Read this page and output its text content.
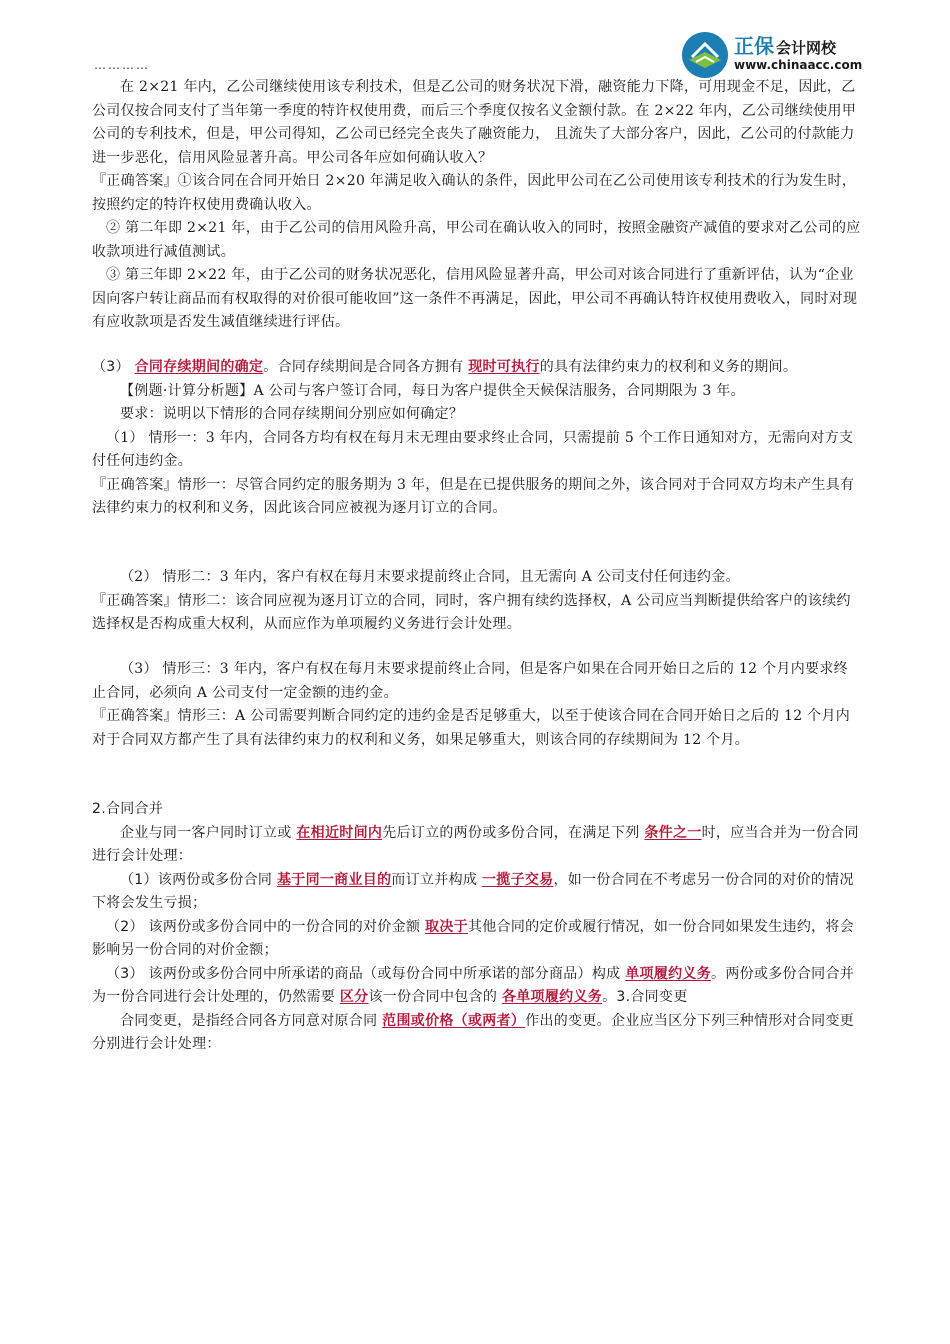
正保 会计网校
www.chinaacc.com
…………

在 2×21 年内，乙公司继续使用该专利技术，但是乙公司的财务状况下滑，融资能力下降，可用现金不足，因此，乙公司仅按合同支付了当年第一季度的特许权使用费，而后三个季度仅按名义金额付款。在 2×22 年内，乙公司继续使用甲公司的专利技术，但是，甲公司得知，乙公司已经完全丧失了融资能力， 且流失了大部分客户，因此，乙公司的付款能力进一步恶化，信用风险显著升高。甲公司各年应如何确认收入？

『正确答案』①该合同在合同开始日 2×20 年满足收入确认的条件，因此甲公司在乙公司使用该专利技术的行为发生时，按照约定的特许权使用费确认收入。

② 第二年即 2×21 年，由于乙公司的信用风险升高，甲公司在确认收入的同时，按照金融资产减值的要求对乙公司的应收款项进行减值测试。

③ 第三年即 2×22 年，由于乙公司的财务状况恶化，信用风险显著升高，甲公司对该合同进行了重新评估，认为“企业因向客户转让商品而有权取得的对价很可能收回”这一条件不再满足，因此，甲公司不再确认特许权使用费收入，同时对现有应收款项是否发生减值继续进行评估。

（3） 合同存续期间的确定。合同存续期间是合同各方拥有 现时可执行的具有法律约束力的权利和义务的期间。

【例题·计算分析题】A 公司与客户签订合同，每日为客户提供全天候保洁服务，合同期限为 3 年。

要求：说明以下情形的合同存续期间分别应如何确定？

（1） 情形一：3 年内，合同各方均有权在每月末无理由要求终止合同，只需提前 5 个工作日通知对方，无需向对方支付任何违约金。

『正确答案』情形一：尽管合同约定的服务期为 3 年，但是在已提供服务的期间之外，该合同对于合同双方均未产生具有法律约束力的权利和义务，因此该合同应被视为逐月订立的合同。

（2） 情形二：3 年内，客户有权在每月末要求提前终止合同，且无需向 A 公司支付任何违约金。

『正确答案』情形二：该合同应视为逐月订立的合同，同时，客户拥有续约选择权，A 公司应当判断提供给客户的该续约选择权是否构成重大权利，从而应作为单项履约义务进行会计处理。

（3） 情形三：3 年内，客户有权在每月末要求提前终止合同，但是客户如果在合同开始日之后的 12 个月内要求终止合同，必须向 A 公司支付一定金额的违约金。

『正确答案』情形三：A 公司需要判断合同约定的违约金是否足够重大，以至于使该合同在合同开始日之后的 12 个月内对于合同双方都产生了具有法律约束力的权利和义务，如果足够重大，则该合同的存续期间为 12 个月。

2.合同合并

企业与同一客户同时订立或 在相近时间内先后订立的两份或多份合同，在满足下列 条件之一时，应当合并为一份合同进行会计处理：

（1）该两份或多份合同 基于同一商业目的而订立并构成 一揽子交易，如一份合同在不考虑另一份合同的对价的情况下将会发生亏损；

（2） 该两份或多份合同中的一份合同的对价金额 取决于其他合同的定价或履行情况，如一份合同如果发生违约，将会影响另一份合同的对价金额；

（3） 该两份或多份合同中所承诺的商品（或每份合同中所承诺的部分商品）构成 单项履约义务。两份或多份合同合并为一份合同进行会计处理的，仍然需要 区分该一份合同中包含的 各单项履约义务。3.合同变更

合同变更，是指经合同各方同意对原合同 范围或价格（或两者）作出的变更。企业应当区分下列三种情形对合同变更分别进行会计处理：
